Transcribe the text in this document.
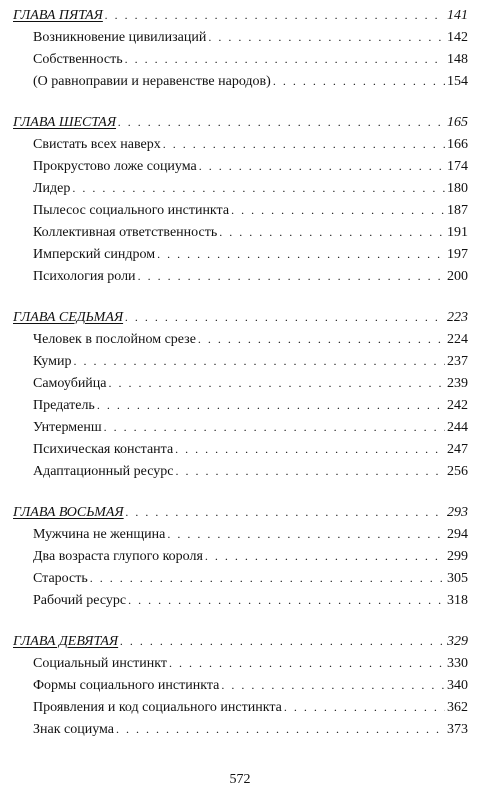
ГЛАВА ПЯТАЯ . . .	141
Возникновение цивилизаций . . .	142
Собственность . . .	148
(О равноправии и неравенстве народов) . . .	154
ГЛАВА ШЕСТАЯ . . .	165
Свистать всех наверх . . .	166
Прокрустово ложе социума . . .	174
Лидер . . .	180
Пылесос социального инстинкта . . .	187
Коллективная ответственность . . .	191
Имперский синдром . . .	197
Психология роли . . .	200
ГЛАВА СЕДЬМАЯ . . .	223
Человек в послойном срезе . . .	224
Кумир . . .	237
Самоубийца . . .	239
Предатель . . .	242
Унтерменш . . .	244
Психическая константа . . .	247
Адаптационный ресурс . . .	256
ГЛАВА ВОСЬМАЯ . . .	293
Мужчина не женщина . . .	294
Два возраста глупого короля . . .	299
Старость . . .	305
Рабочий ресурс . . .	318
ГЛАВА ДЕВЯТАЯ . . .	329
Социальный инстинкт . . .	330
Формы социального инстинкта . . .	340
Проявления и код социального инстинкта . . .	362
Знак социума . . .	373
572
